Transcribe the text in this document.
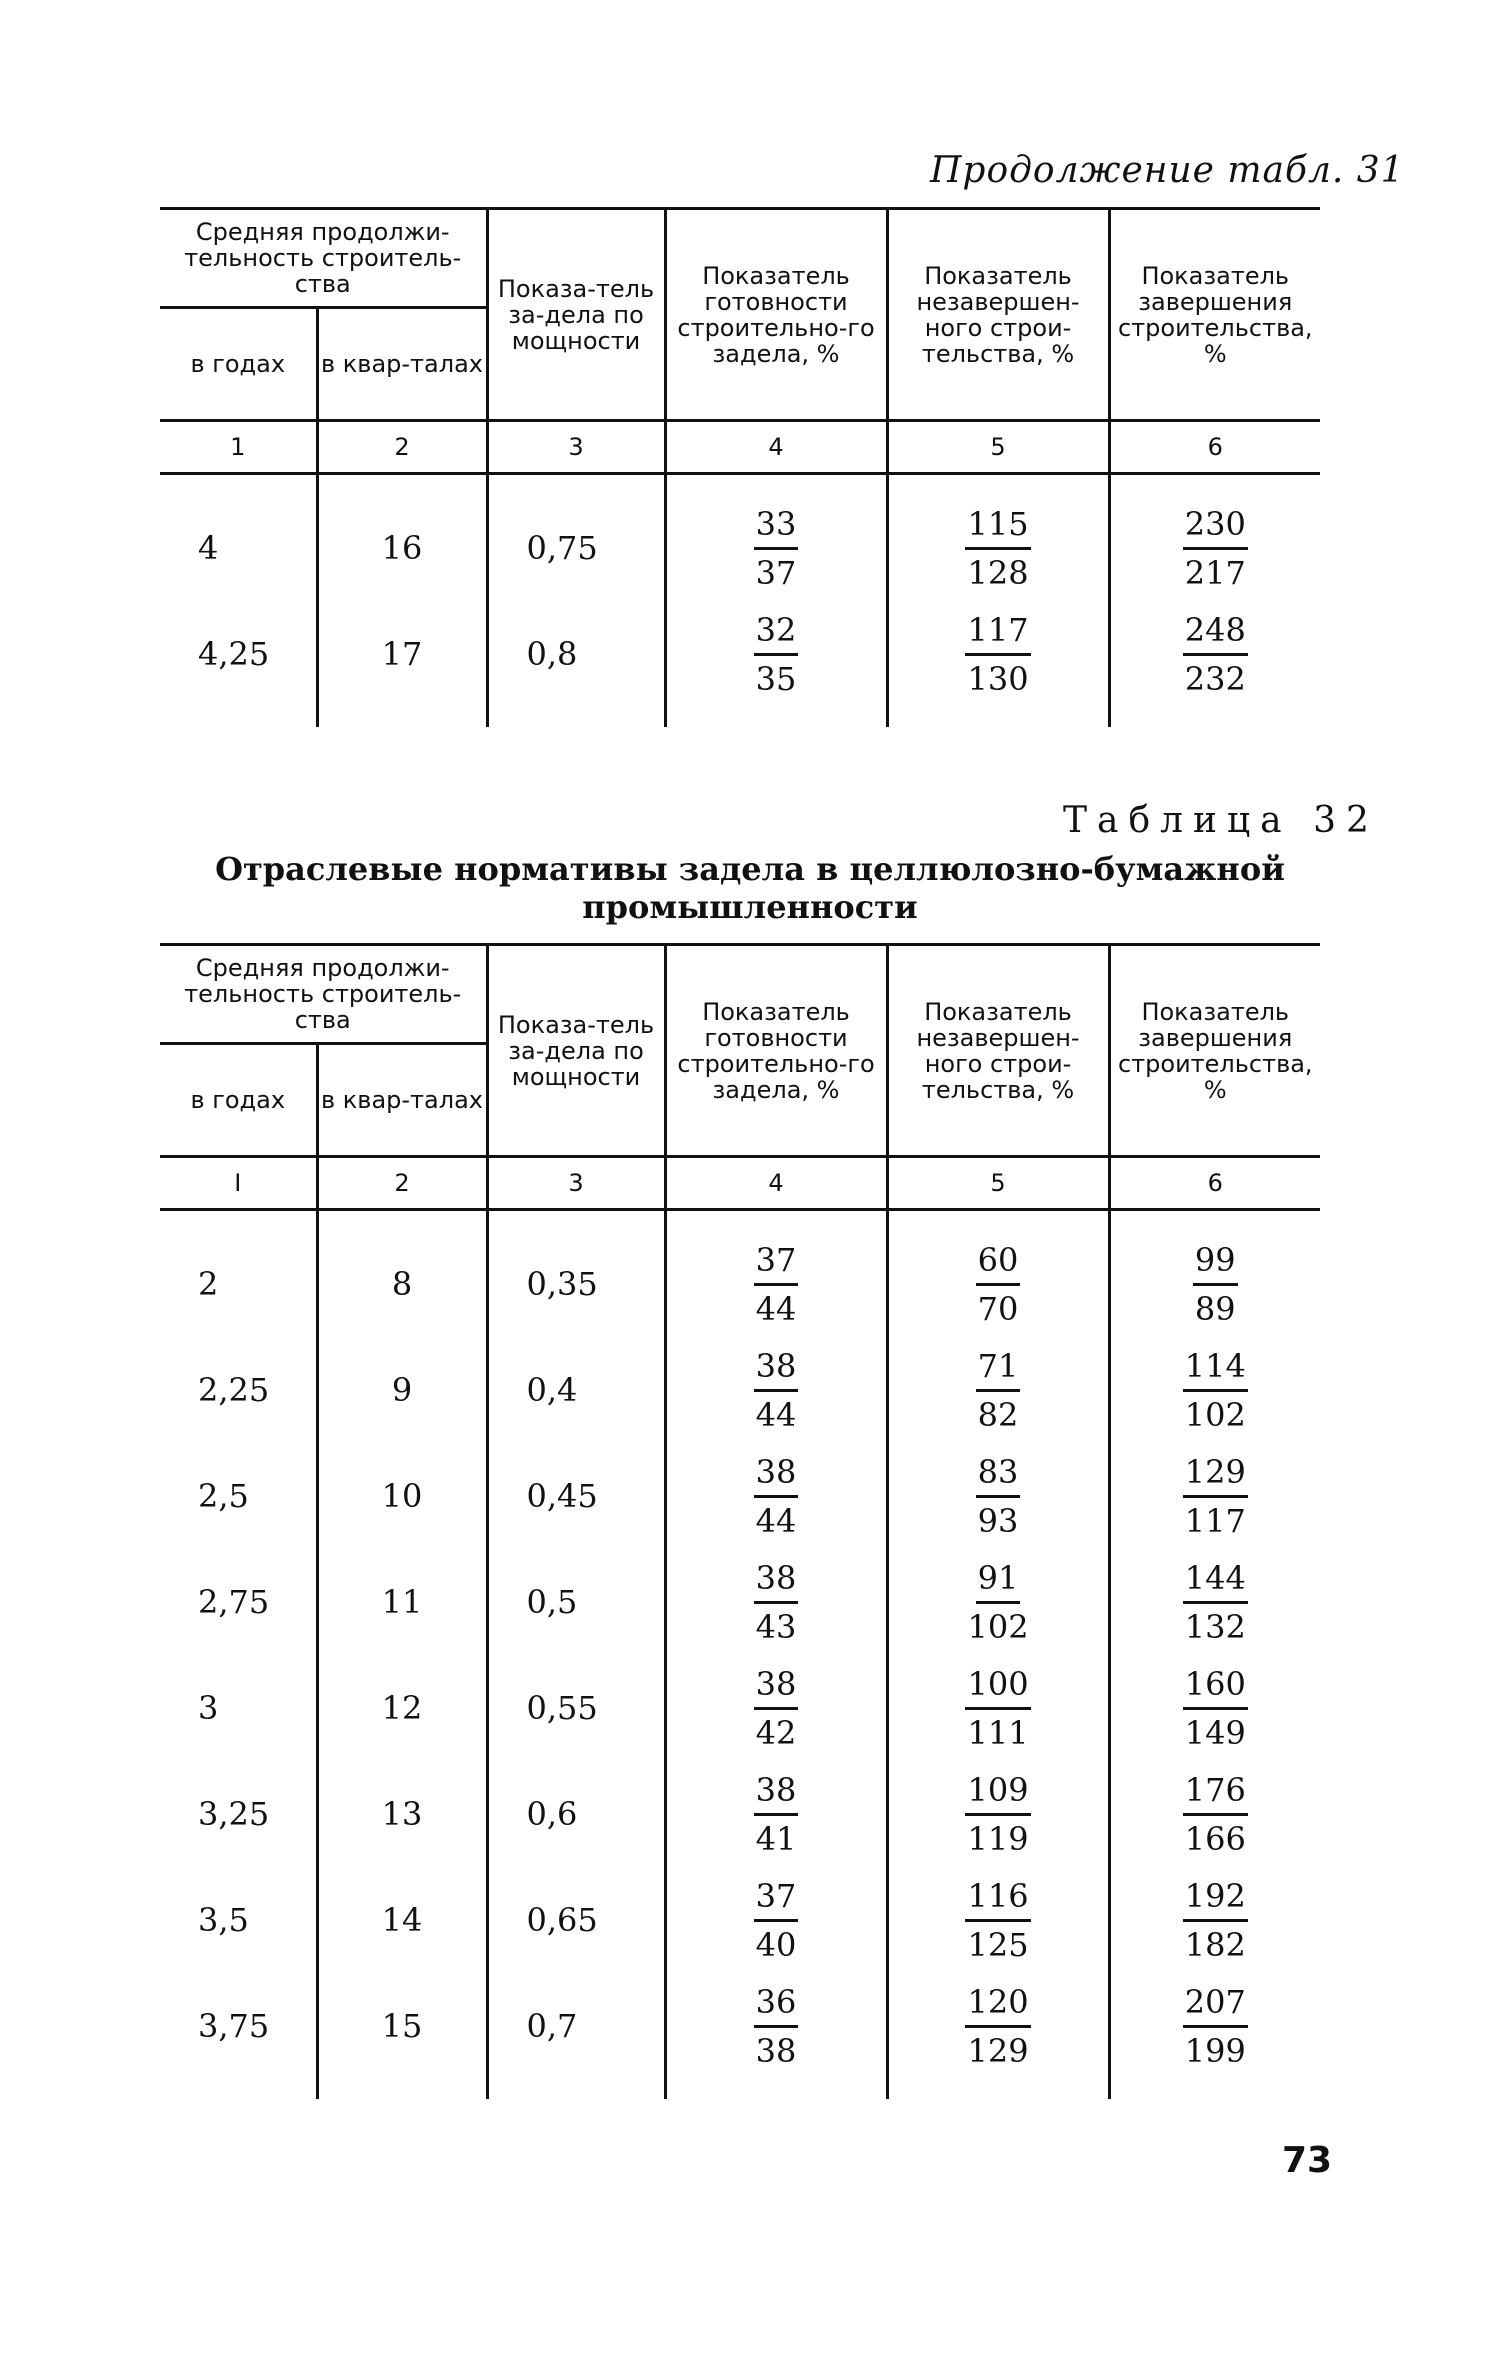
Продолжение табл. 31
Средняя продолжи-тельность строитель-ства		Показа-тель за-дела по мощности	Показатель готовности строительно-го задела, %	Показатель незавершен-ного строи-тельства, %	Показатель завершения строительства, %
в годах	в квар-талах				
1	2	3	4	5	6

4	16	0,75	$\frac{33}{37}$	$\frac{115}{128}$	$\frac{230}{217}$

4,25	17	0,8	$\frac{32}{35}$	$\frac{117}{130}$	$\frac{248}{232}$

Таблица 32
Отраслевые нормативы задела в целлюлозно-бумажной промышленности
Средняя продолжи-тельность строитель-ства		Показа-тель за-дела по мощности	Показатель готовности строительно-го задела, %	Показатель незавершен-ного строи-тельства, %	Показатель завершения строительства, %
в годах	в квар-талах				
I	2	3	4	5	6

2	8	0,35	$\frac{37}{44}$	$\frac{60}{70}$	$\frac{99}{89}$

2,25	9	0,4	$\frac{38}{44}$	$\frac{71}{82}$	$\frac{114}{102}$

2,5	10	0,45	$\frac{38}{44}$	$\frac{83}{93}$	$\frac{129}{117}$

2,75	11	0,5	$\frac{38}{43}$	$\frac{91}{102}$	$\frac{144}{132}$

3	12	0,55	$\frac{38}{42}$	$\frac{100}{111}$	$\frac{160}{149}$

3,25	13	0,6	$\frac{38}{41}$	$\frac{109}{119}$	$\frac{176}{166}$

3,5	14	0,65	$\frac{37}{40}$	$\frac{116}{125}$	$\frac{192}{182}$

3,75	15	0,7	$\frac{36}{38}$	$\frac{120}{129}$	$\frac{207}{199}$

73
